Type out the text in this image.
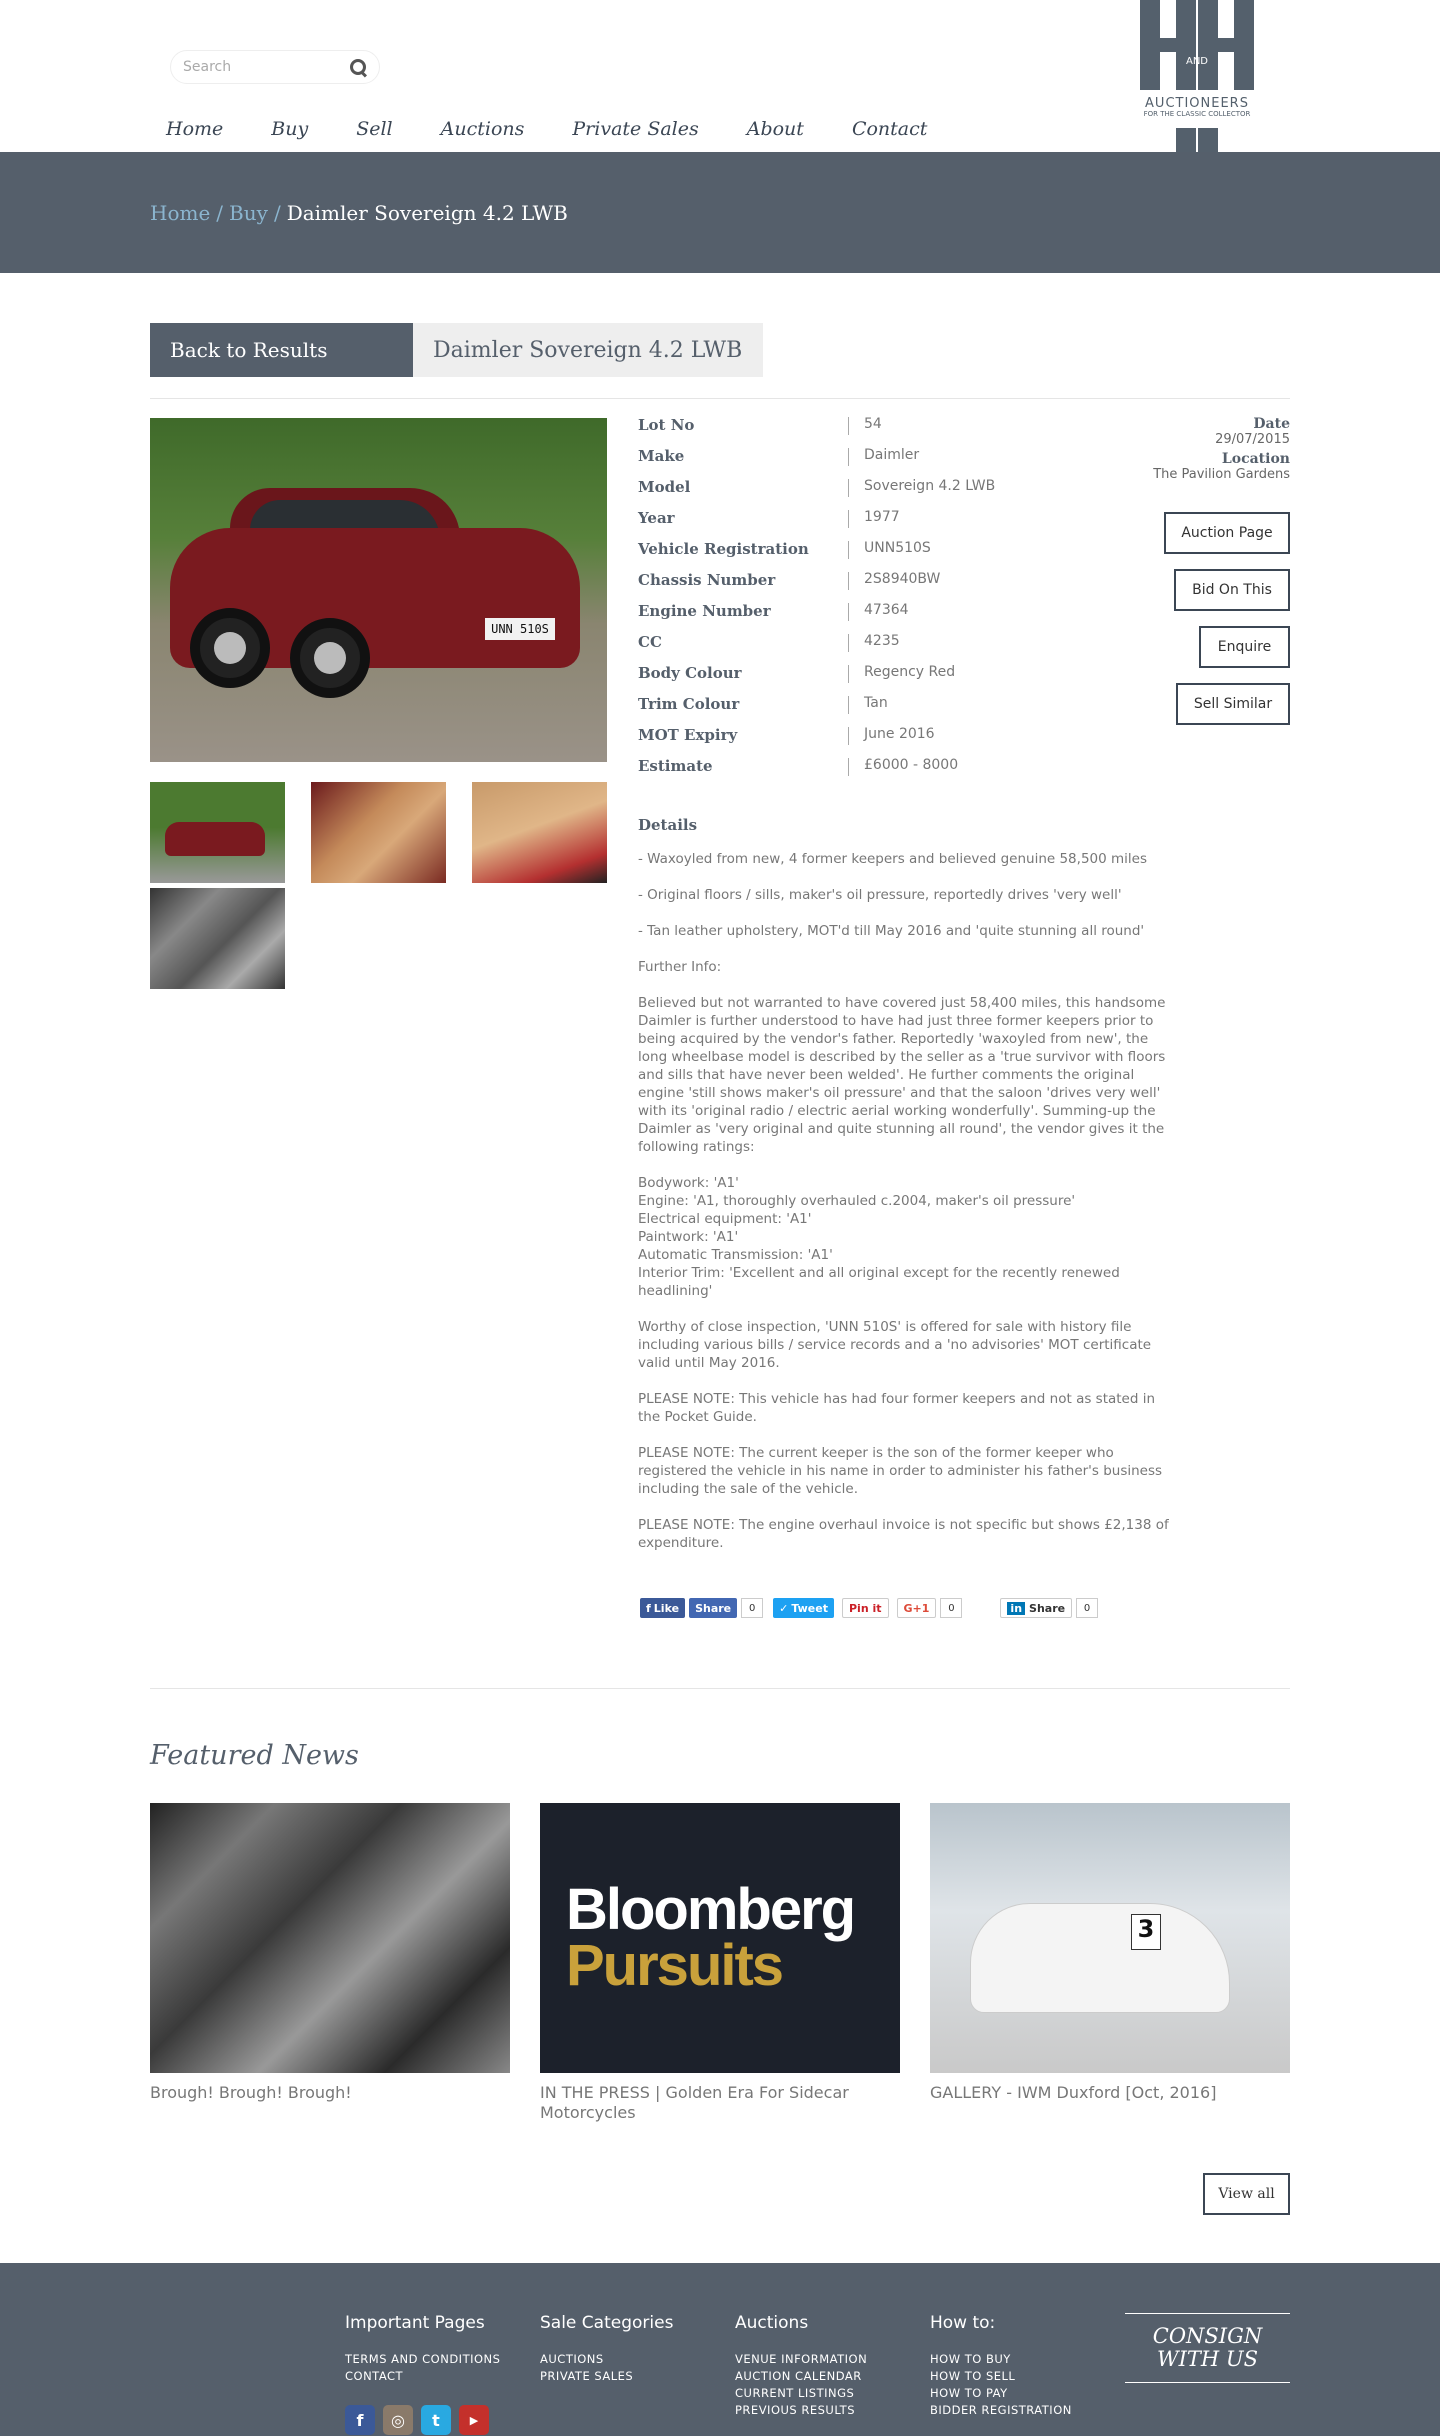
Search
Home	Buy	Sell	Auctions	Private Sales	About	Contact
AND
AUCTIONEERS
FOR THE CLASSIC COLLECTOR
Home / Buy / Daimler Sovereign 4.2 LWB
Back to Results	Daimler Sovereign 4.2 LWB
UNN 510S
Lot No	54
Make	Daimler
Model	Sovereign 4.2 LWB
Year	1977
Vehicle Registration	UNN510S
Chassis Number	2S8940BW
Engine Number	47364
CC	4235
Body Colour	Regency Red
Trim Colour	Tan
MOT Expiry	June 2016
Estimate	£6000 - 8000
Date
29/07/2015
Location
The Pavilion Gardens
Auction Page
Bid On This
Enquire
Sell Similar
Details

- Waxoyled from new, 4 former keepers and believed genuine 58,500 miles

- Original floors / sills, maker's oil pressure, reportedly drives 'very well'

- Tan leather upholstery, MOT'd till May 2016 and 'quite stunning all round'

Further Info:

Believed but not warranted to have covered just 58,400 miles, this handsome Daimler is further understood to have had just three former keepers prior to being acquired by the vendor's father. Reportedly 'waxoyled from new', the long wheelbase model is described by the seller as a 'true survivor with floors and sills that have never been welded'. He further comments the original engine 'still shows maker's oil pressure' and that the saloon 'drives very well' with its 'original radio / electric aerial working wonderfully'. Summing-up the Daimler as 'very original and quite stunning all round', the vendor gives it the following ratings:

Bodywork: 'A1'

Engine: 'A1, thoroughly overhauled c.2004, maker's oil pressure'

Electrical equipment: 'A1'

Paintwork: 'A1'

Automatic Transmission: 'A1'

Interior Trim: 'Excellent and all original except for the recently renewed headlining'

Worthy of close inspection, 'UNN 510S' is offered for sale with history file including various bills / service records and a 'no advisories' MOT certificate valid until May 2016.

PLEASE NOTE: This vehicle has had four former keepers and not as stated in the Pocket Guide.

PLEASE NOTE: The current keeper is the son of the former keeper who registered the vehicle in his name in order to administer his father's business including the sale of the vehicle.

PLEASE NOTE: The engine overhaul invoice is not specific but shows £2,138 of expenditure.

f Like	Share	0	✓ Tweet	Pin it	G+1	0	in Share	0
Featured News
Brough! Brough! Brough!
Bloomberg
Pursuits
IN THE PRESS | Golden Era For Sidecar Motorcycles
3
GALLERY - IWM Duxford [Oct, 2016]
View all
Important Pages
TERMS AND CONDITIONS
CONTACT
Sale Categories
AUCTIONS
PRIVATE SALES
Auctions
VENUE INFORMATION
AUCTION CALENDAR
CURRENT LISTINGS
PREVIOUS RESULTS
How to:
HOW TO BUY
HOW TO SELL
HOW TO PAY
BIDDER REGISTRATION
CONSIGN WITH US
f	◎	t	▶
